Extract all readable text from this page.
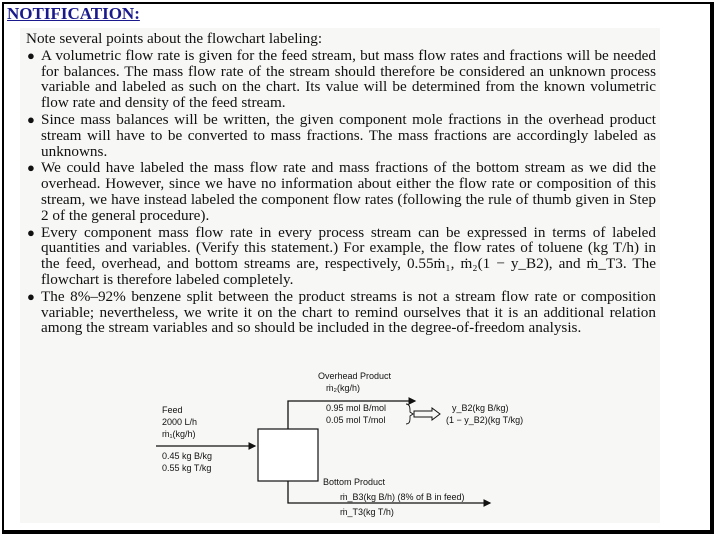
NOTIFICATION:

Note several points about the flowchart labeling:

● A volumetric flow rate is given for the feed stream, but mass flow rates and fractions will be needed for balances. The mass flow rate of the stream should therefore be considered an unknown process variable and labeled as such on the chart. Its value will be determined from the known volumetric flow rate and density of the feed stream.
● Since mass balances will be written, the given component mole fractions in the overhead product stream will have to be converted to mass fractions. The mass fractions are accordingly labeled as unknowns.
● We could have labeled the mass flow rate and mass fractions of the bottom stream as we did the overhead. However, since we have no information about either the flow rate or composition of this stream, we have instead labeled the component flow rates (following the rule of thumb given in Step 2 of the general procedure).
● Every component mass flow rate in every process stream can be expressed in terms of labeled quantities and variables. (Verify this statement.) For example, the flow rates of toluene (kg T/h) in the feed, overhead, and bottom streams are, respectively, 0.55ṁ₁, ṁ₂(1 − y_B2), and ṁ_T3. The flowchart is therefore labeled completely.
● The 8%–92% benzene split between the product streams is not a stream flow rate or composition variable; nevertheless, we write it on the chart to remind ourselves that it is an additional relation among the stream variables and so should be included in the degree-of-freedom analysis.
Overhead Product
ṁ₂(kg/h)
0.95 mol B/mol
0.05 mol T/mol
y_B2(kg B/kg)
(1 − y_B2)(kg T/kg)
Feed
2000 L/h
ṁ₁(kg/h)
0.45 kg B/kg
0.55 kg T/kg
Bottom Product
ṁ_B3(kg B/h) (8% of B in feed)
ṁ_T3(kg T/h)
